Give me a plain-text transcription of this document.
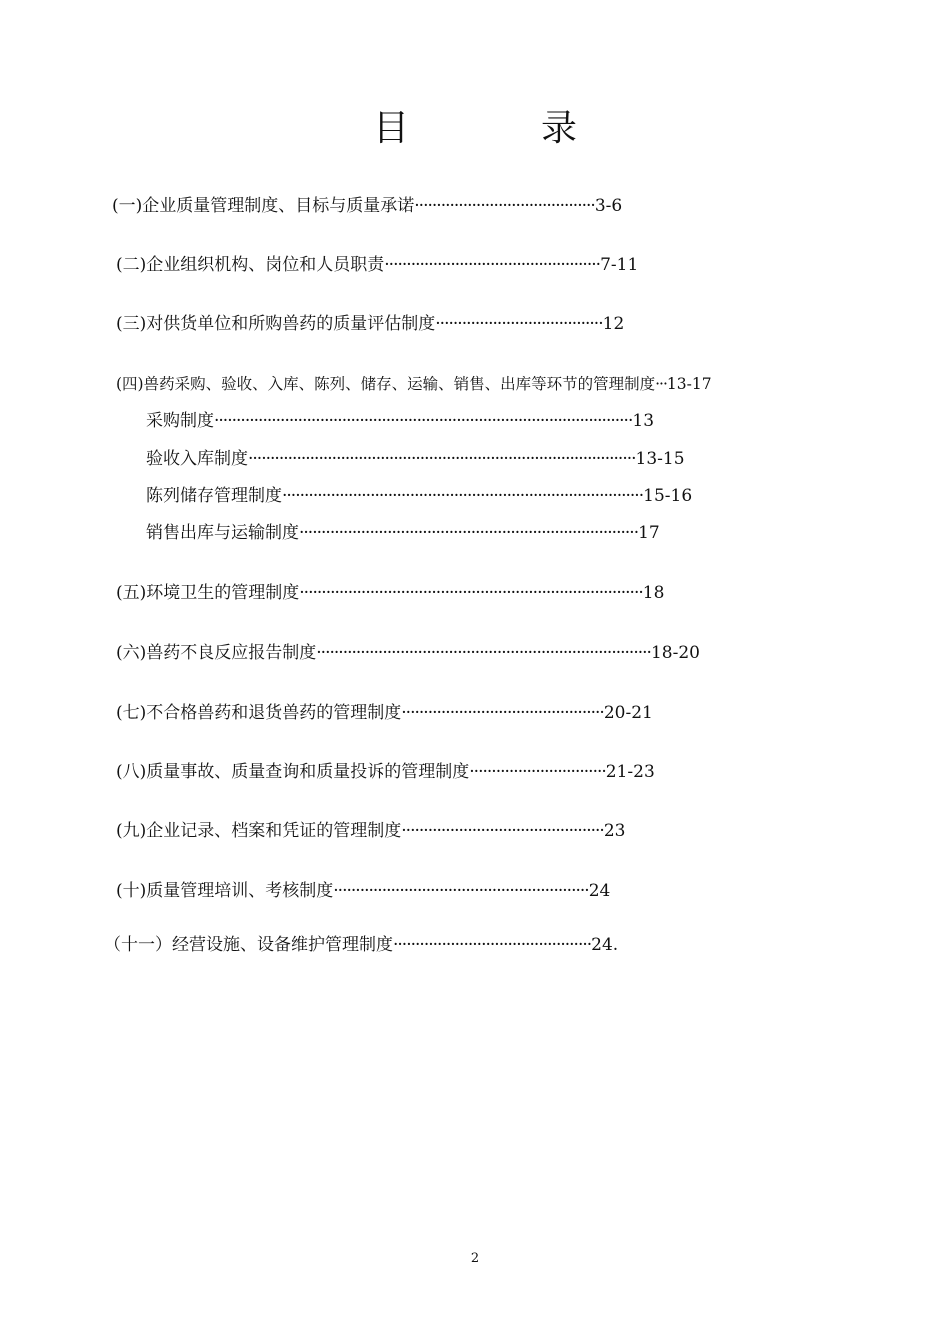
目　录
(一)企业质量管理制度、目标与质量承诺·········································3-6
(二)企业组织机构、岗位和人员职责·················································7-11
(三)对供货单位和所购兽药的质量评估制度······································12
(四)兽药采购、验收、入库、陈列、储存、运输、销售、出库等环节的管理制度···13-17
采购制度·······························································································13
验收入库制度························································································13-15
陈列储存管理制度··················································································15-16
销售出库与运输制度·············································································17
(五)环境卫生的管理制度··············································································18
(六)兽药不良反应报告制度············································································18-20
(七)不合格兽药和退货兽药的管理制度··············································20-21
(八)质量事故、质量查询和质量投诉的管理制度·······························21-23
(九)企业记录、档案和凭证的管理制度··············································23
(十)质量管理培训、考核制度··························································24
（十一）经营设施、设备维护管理制度·············································24.
2
